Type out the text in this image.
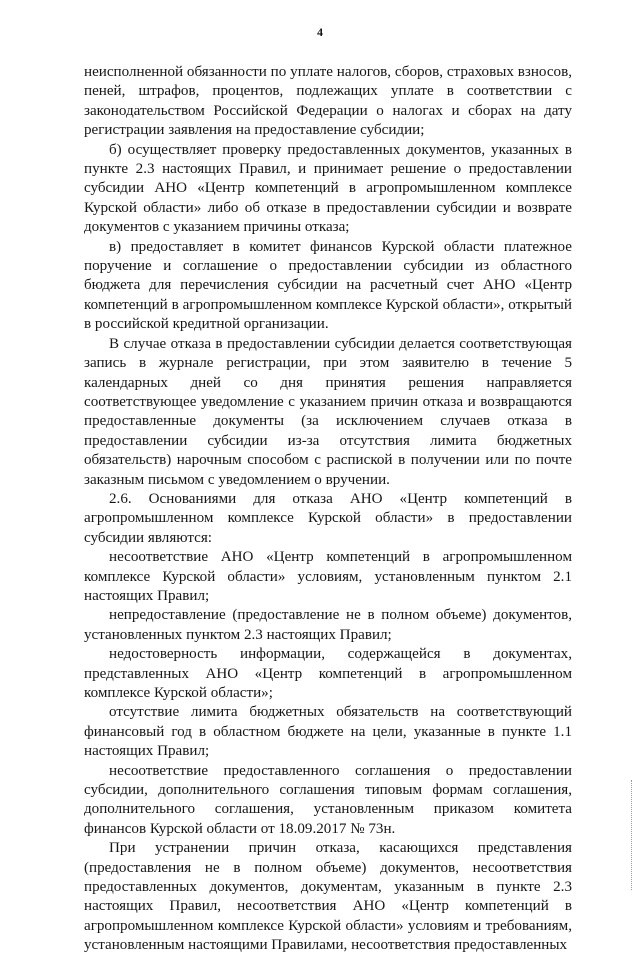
4

неисполненной обязанности по уплате налогов, сборов, страховых взносов, пеней, штрафов, процентов, подлежащих уплате в соответствии с законодательством Российской Федерации о налогах и сборах на дату регистрации заявления на предоставление субсидии;

б) осуществляет проверку предоставленных документов, указанных в пункте 2.3 настоящих Правил, и принимает решение о предоставлении субсидии АНО «Центр компетенций в агропромышленном комплексе Курской области» либо об отказе в предоставлении субсидии и возврате документов с указанием причины отказа;

в) предоставляет в комитет финансов Курской области платежное поручение и соглашение о предоставлении субсидии из областного бюджета для перечисления субсидии на расчетный счет АНО «Центр компетенций в агропромышленном комплексе Курской области», открытый в российской кредитной организации.

В случае отказа в предоставлении субсидии делается соответствующая запись в журнале регистрации, при этом заявителю в течение 5 календарных дней со дня принятия решения направляется соответствующее уведомление с указанием причин отказа и возвращаются предоставленные документы (за исключением случаев отказа в предоставлении субсидии из-за отсутствия лимита бюджетных обязательств) нарочным способом с распиской в получении или по почте заказным письмом с уведомлением о вручении.

2.6. Основаниями для отказа АНО «Центр компетенций в агропромышленном комплексе Курской области» в предоставлении субсидии являются:

несоответствие АНО «Центр компетенций в агропромышленном комплексе Курской области» условиям, установленным пунктом 2.1 настоящих Правил;

непредоставление (предоставление не в полном объеме) документов, установленных пунктом 2.3 настоящих Правил;

недостоверность информации, содержащейся в документах, представленных АНО «Центр компетенций в агропромышленном комплексе Курской области»;

отсутствие лимита бюджетных обязательств на соответствующий финансовый год в областном бюджете на цели, указанные в пункте 1.1 настоящих Правил;

несоответствие предоставленного соглашения о предоставлении субсидии, дополнительного соглашения типовым формам соглашения, дополнительного соглашения, установленным приказом комитета финансов Курской области от 18.09.2017 № 73н.

При устранении причин отказа, касающихся представления (предоставления не в полном объеме) документов, несоответствия предоставленных документов, документам, указанным в пункте 2.3 настоящих Правил, несоответствия АНО «Центр компетенций в агропромышленном комплексе Курской области» условиям и требованиям, установленным настоящими Правилами, несоответствия предоставленных
